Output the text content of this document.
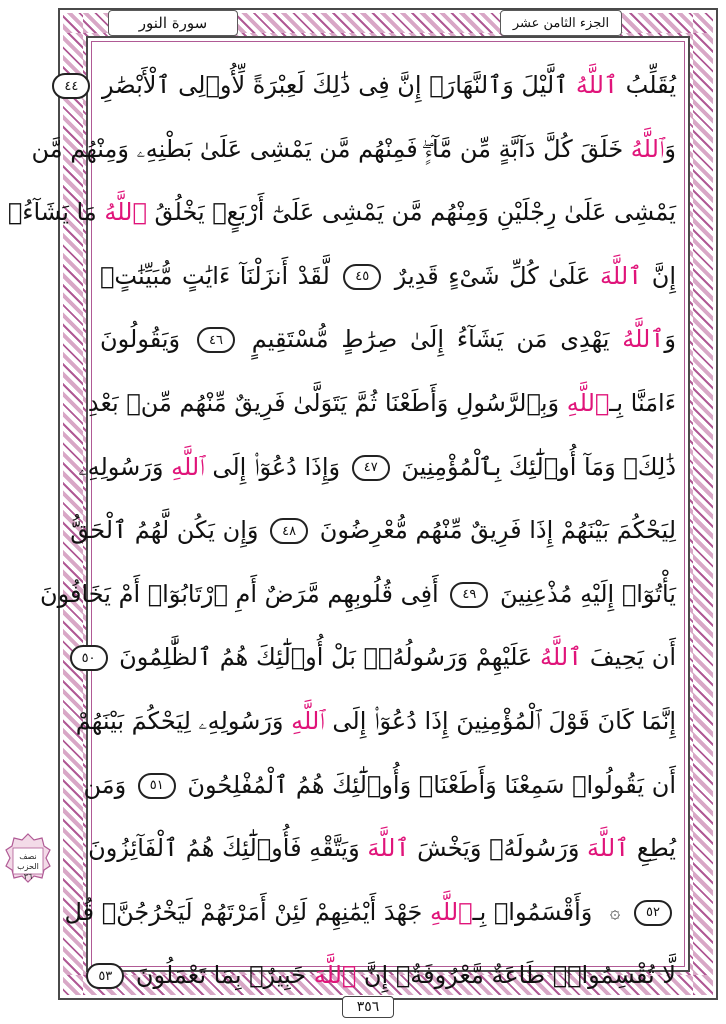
الجزء الثامن عشر
سورة النور
يُقَلِّبُ ٱللَّهُ ٱلَّيْلَ وَٱلنَّهَارَۚ إِنَّ فِى ذَٰلِكَ لَعِبْرَةً لِّأُو۟لِى ٱلْأَبْصَٰرِ ٤٤
وَٱللَّهُ خَلَقَ كُلَّ دَآبَّةٍ مِّن مَّآءٍۖ فَمِنْهُم مَّن يَمْشِى عَلَىٰ بَطْنِهِۦ وَمِنْهُم مَّن
يَمْشِى عَلَىٰ رِجْلَيْنِ وَمِنْهُم مَّن يَمْشِى عَلَىٰٓ أَرْبَعٍۚ يَخْلُقُ ٱللَّهُ مَا يَشَآءُۚ
إِنَّ ٱللَّهَ عَلَىٰ كُلِّ شَىْءٍ قَدِيرٌ ٤٥ لَّقَدْ أَنزَلْنَآ ءَايَٰتٍ مُّبَيِّنَٰتٍۚ
وَٱللَّهُ يَهْدِى مَن يَشَآءُ إِلَىٰ صِرَٰطٍ مُّسْتَقِيمٍ ٤٦ وَيَقُولُونَ
ءَامَنَّا بِـٱللَّهِ وَبِٱلرَّسُولِ وَأَطَعْنَا ثُمَّ يَتَوَلَّىٰ فَرِيقٌ مِّنْهُم مِّنۢ بَعْدِ
ذَٰلِكَۚ وَمَآ أُو۟لَٰٓئِكَ بِٱلْمُؤْمِنِينَ ٤٧ وَإِذَا دُعُوٓا۟ إِلَى ٱللَّهِ وَرَسُولِهِۦ
لِيَحْكُمَ بَيْنَهُمْ إِذَا فَرِيقٌ مِّنْهُم مُّعْرِضُونَ ٤٨ وَإِن يَكُن لَّهُمُ ٱلْحَقُّ
يَأْتُوٓا۟ إِلَيْهِ مُذْعِنِينَ ٤٩ أَفِى قُلُوبِهِم مَّرَضٌ أَمِ ٱرْتَابُوٓا۟ أَمْ يَخَافُونَ
أَن يَحِيفَ ٱللَّهُ عَلَيْهِمْ وَرَسُولُهُۥۚ بَلْ أُو۟لَٰٓئِكَ هُمُ ٱلظَّٰلِمُونَ ٥٠
إِنَّمَا كَانَ قَوْلَ ٱلْمُؤْمِنِينَ إِذَا دُعُوٓا۟ إِلَى ٱللَّهِ وَرَسُولِهِۦ لِيَحْكُمَ بَيْنَهُمْ
أَن يَقُولُوا۟ سَمِعْنَا وَأَطَعْنَاۚ وَأُو۟لَٰٓئِكَ هُمُ ٱلْمُفْلِحُونَ ٥١ وَمَن
يُطِعِ ٱللَّهَ وَرَسُولَهُۥ وَيَخْشَ ٱللَّهَ وَيَتَّقْهِ فَأُو۟لَٰٓئِكَ هُمُ ٱلْفَآئِزُونَ
٥٢۞ وَأَقْسَمُوا۟ بِـٱللَّهِ جَهْدَ أَيْمَٰنِهِمْ لَئِنْ أَمَرْتَهُمْ لَيَخْرُجُنَّۖ قُل
لَّا تُقْسِمُوا۟ۖ طَاعَةٌ مَّعْرُوفَةٌۚ إِنَّ ٱللَّهَ خَبِيرٌۢ بِمَا تَعْمَلُونَ ٥٣
نصف
الحزب
٣٦
٣٥٦
